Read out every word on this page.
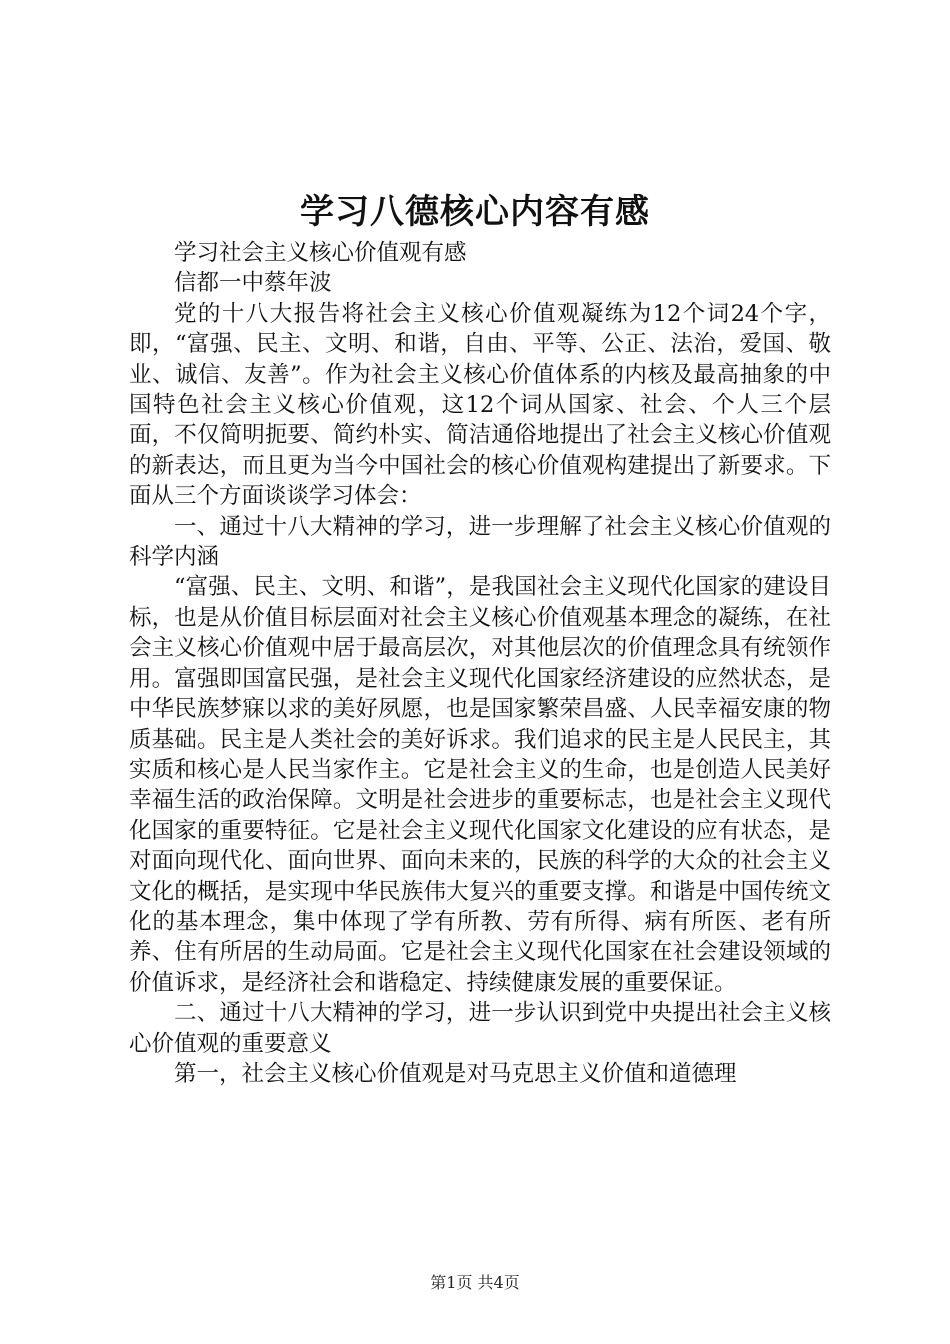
学习八德核心内容有感

学习社会主义核心价值观有感

信都一中蔡年波

党的十八大报告将社会主义核心价值观凝练为12个词24个字，即，“富强、民主、文明、和谐，自由、平等、公正、法治，爱国、敬业、诚信、友善”。作为社会主义核心价值体系的内核及最高抽象的中国特色社会主义核心价值观，这12个词从国家、社会、个人三个层面，不仅简明扼要、简约朴实、简洁通俗地提出了社会主义核心价值观的新表达，而且更为当今中国社会的核心价值观构建提出了新要求。下面从三个方面谈谈学习体会：

一、通过十八大精神的学习，进一步理解了社会主义核心价值观的科学内涵

“富强、民主、文明、和谐”，是我国社会主义现代化国家的建设目标，也是从价值目标层面对社会主义核心价值观基本理念的凝练，在社会主义核心价值观中居于最高层次，对其他层次的价值理念具有统领作用。富强即国富民强，是社会主义现代化国家经济建设的应然状态，是中华民族梦寐以求的美好夙愿，也是国家繁荣昌盛、人民幸福安康的物质基础。民主是人类社会的美好诉求。我们追求的民主是人民民主，其实质和核心是人民当家作主。它是社会主义的生命，也是创造人民美好幸福生活的政治保障。文明是社会进步的重要标志，也是社会主义现代化国家的重要特征。它是社会主义现代化国家文化建设的应有状态，是对面向现代化、面向世界、面向未来的，民族的科学的大众的社会主义文化的概括，是实现中华民族伟大复兴的重要支撑。和谐是中国传统文化的基本理念，集中体现了学有所教、劳有所得、病有所医、老有所养、住有所居的生动局面。它是社会主义现代化国家在社会建设领域的价值诉求，是经济社会和谐稳定、持续健康发展的重要保证。

二、通过十八大精神的学习，进一步认识到党中央提出社会主义核心价值观的重要意义

第一，社会主义核心价值观是对马克思主义价值和道德理

第1页 共4页
